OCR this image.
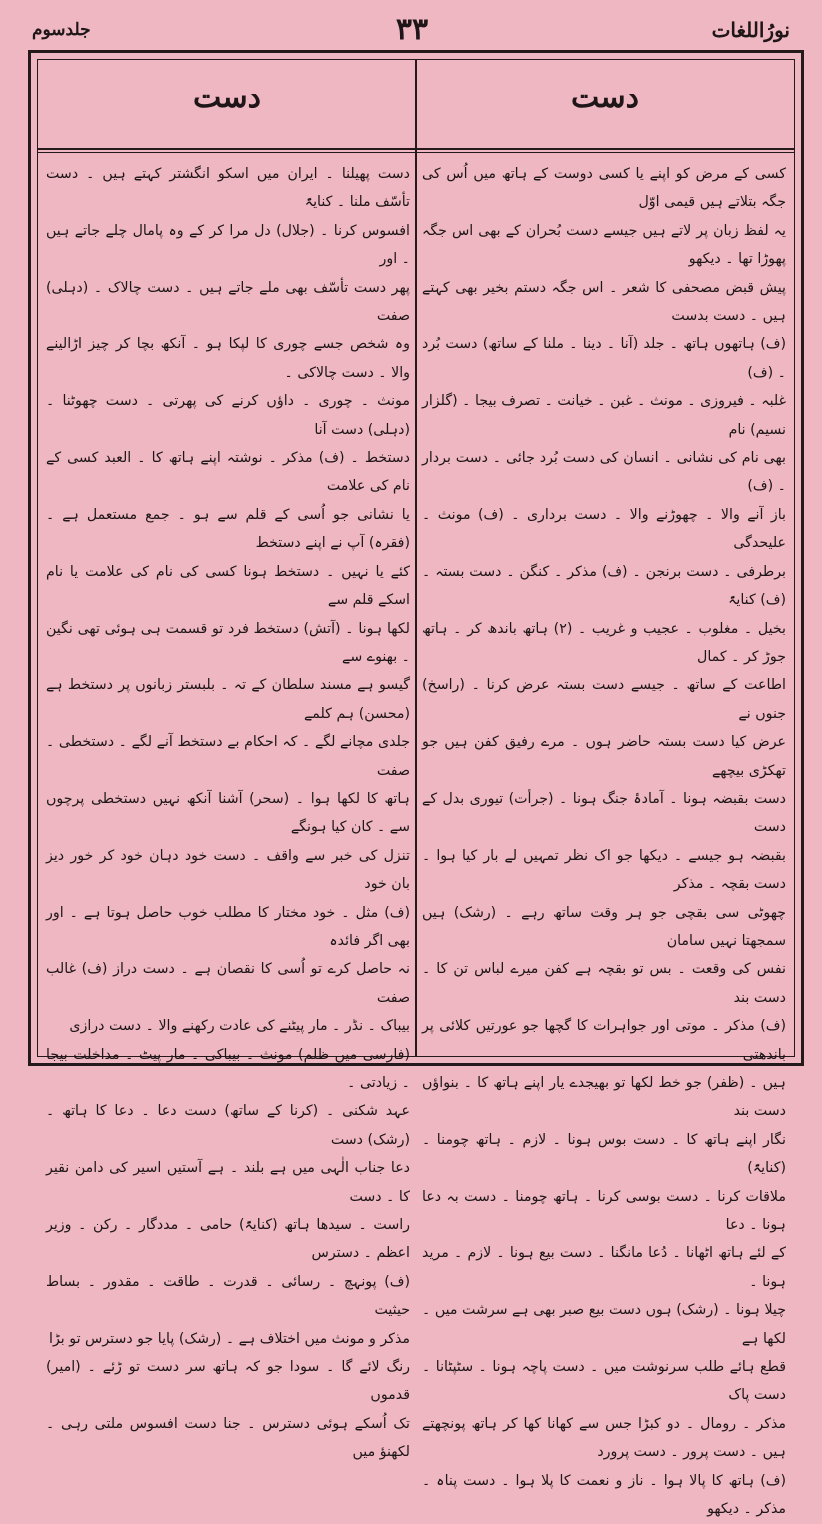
نورُاللغات
۳۳
جلدسوم
دست
دست

کسی کے مرض کو اپنے یا کسی دوست کے ہاتھ میں اُس کی جگہ بتلاتے ہیں قیمی اوّل

یہ لفظ زبان پر لاتے ہیں جیسے دست بُحران کے بھی اس جگہ پھوڑا تھا ۔ دیکھو

پیش قبض مصحفی کا شعر ۔ اس جگہ دستم بخیر بھی کہتے ہیں ۔ دست بدست

(ف) ہاتھوں ہاتھ ۔ جلد (آنا ۔ دینا ۔ ملنا کے ساتھ) دست بُرد ۔ (ف)

غلبہ ۔ فیروزی ۔ مونث ۔ غبن ۔ خیانت ۔ تصرف بیجا ۔ (گلزار نسیم) نام

بھی نام کی نشانی ۔ انسان کی دست بُرد جائی ۔ دست بردار ۔ (ف)

باز آنے والا ۔ چھوڑنے والا ۔ دست برداری ۔ (ف) مونث ۔ علیحدگی

برطرفی ۔ دست برنجن ۔ (ف) مذکر ۔ کنگن ۔ دست بستہ ۔ (ف) کنایۃً

بخیل ۔ مغلوب ۔ عجیب و غریب ۔ (۲) ہاتھ باندھ کر ۔ ہاتھ جوڑ کر ۔ کمال

اطاعت کے ساتھ ۔ جیسے دست بستہ عرض کرنا ۔ (راسخ) جنوں نے

عرض کیا دست بستہ حاضر ہوں ۔ مرے رفیق کفن ہیں جو تھکڑی بیچھے

دست بقبضہ ہونا ۔ آمادۂ جنگ ہونا ۔ (جرأت) تیوری بدل کے دست

بقبضہ ہو جیسے ۔ دیکھا جو اک نظر تمہیں لے بار کیا ہوا ۔ دست بقچہ ۔ مذکر

چھوٹی سی بقچی جو ہر وقت ساتھ رہے ۔ (رشک) ہیں سمجھتا نہیں سامان

نفس کی وقعت ۔ بس تو بقچہ ہے کفن میرے لباس تن کا ۔ دست بند

(ف) مذکر ۔ موتی اور جواہرات کا گچھا جو عورتیں کلائی پر باندھتی

ہیں ۔ (ظفر) جو خط لکھا تو بھیجدے یار اپنے ہاتھ کا ۔ بنواؤں دست بند

نگار اپنے ہاتھ کا ۔ دست بوس ہونا ۔ لازم ۔ ہاتھ چومنا ۔ (کنایۃً)

ملاقات کرنا ۔ دست بوسی کرنا ۔ ہاتھ چومنا ۔ دست بہ دعا ہونا ۔ دعا

کے لئے ہاتھ اٹھانا ۔ دُعا مانگنا ۔ دست بیع ہونا ۔ لازم ۔ مرید ہونا ۔

چیلا ہونا ۔ (رشک) ہوں دست بیع صبر بھی ہے سرشت میں ۔ لکھا ہے

قطع ہائے طلب سرنوشت میں ۔ دست پاچہ ہونا ۔ سٹپٹانا ۔ دست پاک

مذکر ۔ رومال ۔ دو کبڑا جس سے کھانا کھا کر ہاتھ پونچھتے ہیں ۔ دست پرور ۔ دست پرورد

(ف) ہاتھ کا پالا ہوا ۔ ناز و نعمت کا پلا ہوا ۔ دست پناہ ۔ مذکر ۔ دیکھو

دست پھیلنا ۔ ایران میں اسکو انگشتر کہتے ہیں ۔ دست تأسّف ملنا ۔ کنایۃً

افسوس کرنا ۔ (جلال) دل مرا کر کے وہ پامال چلے جاتے ہیں ۔ اور

پھر دست تأسّف بھی ملے جاتے ہیں ۔ دست چالاک ۔ (دہلی) صفت

وہ شخص جسے چوری کا لپکا ہو ۔ آنکھ بچا کر چیز اڑالینے والا ۔ دست چالاکی ۔

مونث ۔ چوری ۔ داؤں کرنے کی پھرتی ۔ دست چھوٹنا ۔ (دہلی) دست آنا

دستخط ۔ (ف) مذکر ۔ نوشتہ اپنے ہاتھ کا ۔ العبد کسی کے نام کی علامت

یا نشانی جو اُسی کے قلم سے ہو ۔ جمع مستعمل ہے ۔ (فقرہ) آپ نے اپنے دستخط

کئے یا نہیں ۔ دستخط ہونا کسی کی نام کی علامت یا نام اسکے قلم سے

لکھا ہونا ۔ (آتش) دستخط فرد تو قسمت ہی ہوئی تھی نگین ۔ بھنوے سے

گیسو ہے مسند سلطان کے تہ ۔ بلبستر زبانوں پر دستخط ہے (محسن) ہم کلمے

جلدی مچانے لگے ۔ کہ احکام بے دستخط آنے لگے ۔ دستخطی ۔ صفت

ہاتھ کا لکھا ہوا ۔ (سحر) آشنا آنکھ نہیں دستخطی پرچوں سے ۔ کان کیا ہونگے

تنزل کی خبر سے واقف ۔ دست خود دہان خود کر خور دیز بان خود

(ف) مثل ۔ خود مختار کا مطلب خوب حاصل ہوتا ہے ۔ اور بھی اگر فائدہ

نہ حاصل کرے تو اُسی کا نقصان ہے ۔ دست دراز (ف) غالب صفت

بیباک ۔ نڈر ۔ مار پیٹنے کی عادت رکھنے والا ۔ دست درازی

(فارسی میں ظلم) مونث ۔ بیباکی ۔ مار پیٹ ۔ مداخلت بیجا ۔ زیادتی ۔

عہد شکنی ۔ (کرنا کے ساتھ) دست دعا ۔ دعا کا ہاتھ ۔ (رشک) دست

دعا جناب الٰہی میں ہے بلند ۔ ہے آستیں اسیر کی دامن نقیر کا ۔ دست

راست ۔ سیدھا ہاتھ (کنایۃً) حامی ۔ مددگار ۔ رکن ۔ وزیر اعظم ۔ دسترس

(ف) پونہچ ۔ رسائی ۔ قدرت ۔ طاقت ۔ مقدور ۔ بساط حیثیت

مذکر و مونث میں اختلاف ہے ۔ (رشک) پایا جو دسترس تو بڑا

رنگ لائے گا ۔ سودا جو کہ ہاتھ سر دست تو ڑئے ۔ (امیر) قدموں

تک اُسکے ہوئی دسترس ۔ جنا دست افسوس ملتی رہی ۔ لکھنؤ میں
